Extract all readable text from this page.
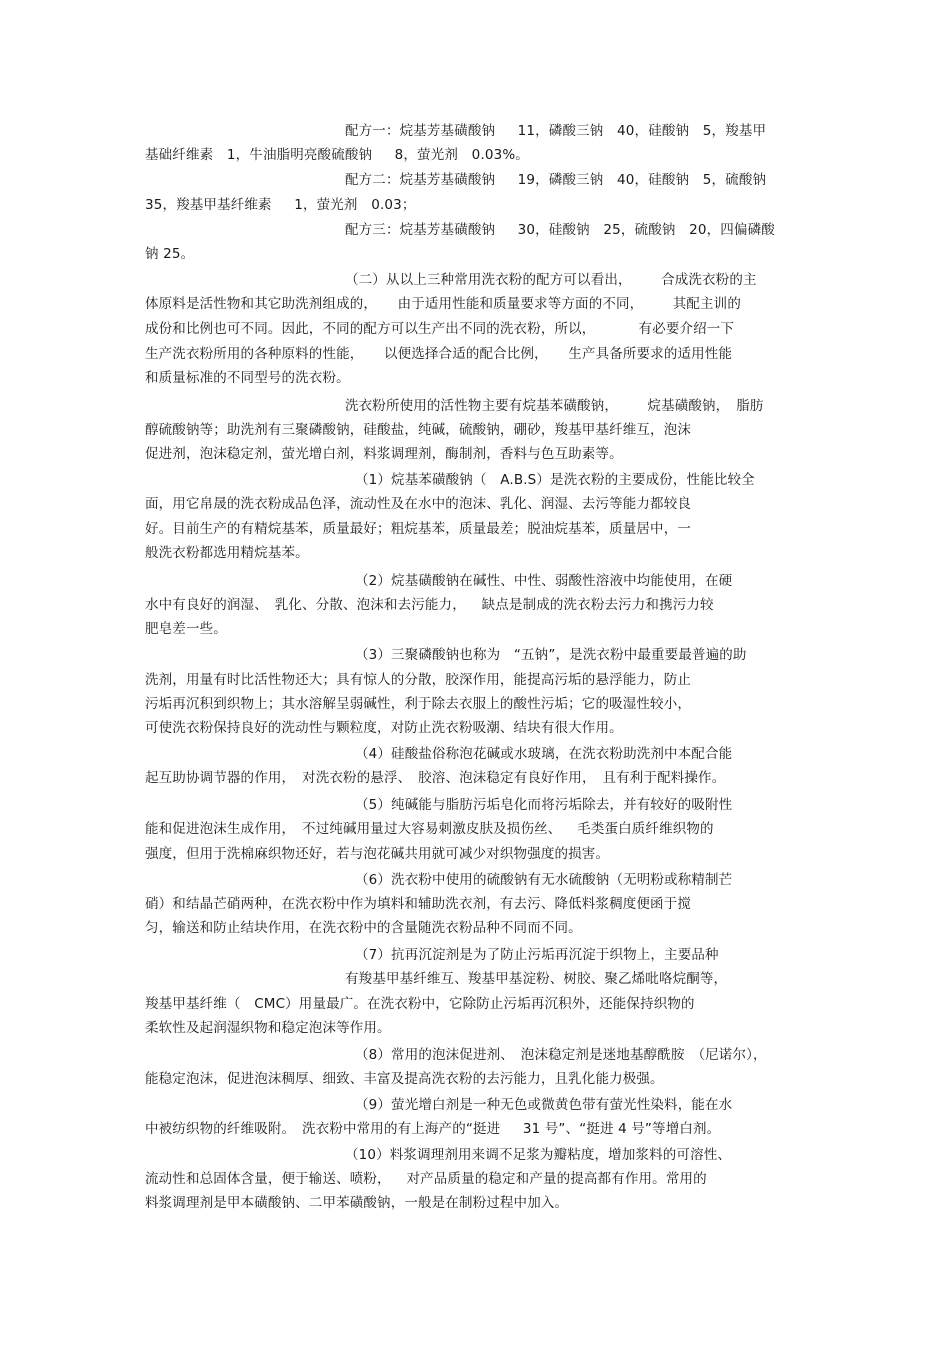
配方一：烷基芳基磺酸钠　  11，磷酸三钠　40，硅酸钠　5，羧基甲
基础纤维素　1，牛油脂明亮酸硫酸钠　  8，萤光剂　0.03%。
配方二：烷基芳基磺酸钠　  19，磷酸三钠　40，硅酸钠　5，硫酸钠
35，羧基甲基纤维素　  1，萤光剂　0.03；
配方三：烷基芳基磺酸钠　  30，硅酸钠　25，硫酸钠　20，四偏磷酸
钠 25。
（二）从以上三种常用洗衣粉的配方可以看出，　　  合成洗衣粉的主
体原料是活性物和其它助洗剂组成的，　　由于适用性能和质量要求等方面的不同，　　  其配主训的
成份和比例也可不同。因此，不同的配方可以生产出不同的洗衣粉，所以，　　　  有必要介绍一下
生产洗衣粉所用的各种原料的性能，　　以便选择合适的配合比例，　　生产具备所要求的适用性能
和质量标准的不同型号的洗衣粉。
洗衣粉所使用的活性物主要有烷基苯磺酸钠，　　  烷基磺酸钠，　脂肪
醇硫酸钠等；助洗剂有三聚磷酸钠，硅酸盐，纯碱，硫酸钠，硼砂，羧基甲基纤维互，泡沫
促进剂，泡沫稳定剂，萤光增白剂，料浆调理剂，酶制剂，香料与色互助素等。
（1）烷基苯磺酸钠（　A.B.S）是洗衣粉的主要成份，性能比较全
面，用它帛晟的洗衣粉成品色泽，流动性及在水中的泡沫、乳化、润湿、去污等能力都较良
好。目前生产的有精烷基苯，质量最好；粗烷基苯，质量最差；脱油烷基苯，质量居中，一
般洗衣粉都选用精烷基苯。
（2）烷基磺酸钠在碱性、中性、弱酸性溶液中均能使用，在硬
水中有良好的润湿、　乳化、分散、泡沫和去污能力，　  缺点是制成的洗衣粉去污力和携污力较
肥皂差一些。
（3）三聚磷酸钠也称为　“五钠”，是洗衣粉中最重要最普遍的助
洗剂，用量有时比活性物还大；具有惊人的分散，胶深作用，能提高污垢的悬浮能力，防止
污垢再沉积到织物上；其水溶解呈弱碱性，利于除去衣服上的酸性污垢；它的吸湿性较小，
可使洗衣粉保持良好的洗动性与颗粒度，对防止洗衣粉吸潮、结块有很大作用。
（4）硅酸盐俗称泡花碱或水玻璃，在洗衣粉助洗剂中本配合能
起互助协调节器的作用，　对洗衣粉的悬浮、　胶溶、泡沫稳定有良好作用，　且有利于配料操作。
（5）纯碱能与脂肪污垢皂化而将污垢除去，并有较好的吸附性
能和促进泡沫生成作用，　不过纯碱用量过大容易刺激皮肤及损伤丝、　  毛类蛋白质纤维织物的
强度，但用于洗棉麻织物还好，若与泡花碱共用就可减少对织物强度的损害。
（6）洗衣粉中使用的硫酸钠有无水硫酸钠（无明粉或称精制芒
硝）和结晶芒硝两种，在洗衣粉中作为填料和辅助洗衣剂，有去污、降低料浆稠度便函于搅
匀，输送和防止结块作用，在洗衣粉中的含量随洗衣粉品种不同而不同。
（7）抗再沉淀剂是为了防止污垢再沉淀于织物上，主要品种
有羧基甲基纤维互、羧基甲基淀粉、树胶、聚乙烯吡咯烷酮等，
羧基甲基纤维（　CMC）用量最广。在洗衣粉中，它除防止污垢再沉积外，还能保持织物的
柔软性及起润湿织物和稳定泡沫等作用。
（8）常用的泡沫促进剂、　泡沫稳定剂是迷地基醇酰胺　（尼诺尔），
能稳定泡沫，促进泡沫稠厚、细致、丰富及提高洗衣粉的去污能力，且乳化能力极强。
（9）萤光增白剂是一种无色或微黄色带有萤光性染料，能在水
中被纺织物的纤维吸附。　洗衣粉中常用的有上海产的“挺进　  31 号”、“挺进 4 号”等增白剂。
（10）料浆调理剂用来调不足浆为瓣粘度，增加浆料的可溶性、
流动性和总固体含量，便于输送、喷粉，　  对产品质量的稳定和产量的提高都有作用。常用的
料浆调理剂是甲本磺酸钠、二甲苯磺酸钠，一般是在制粉过程中加入。
